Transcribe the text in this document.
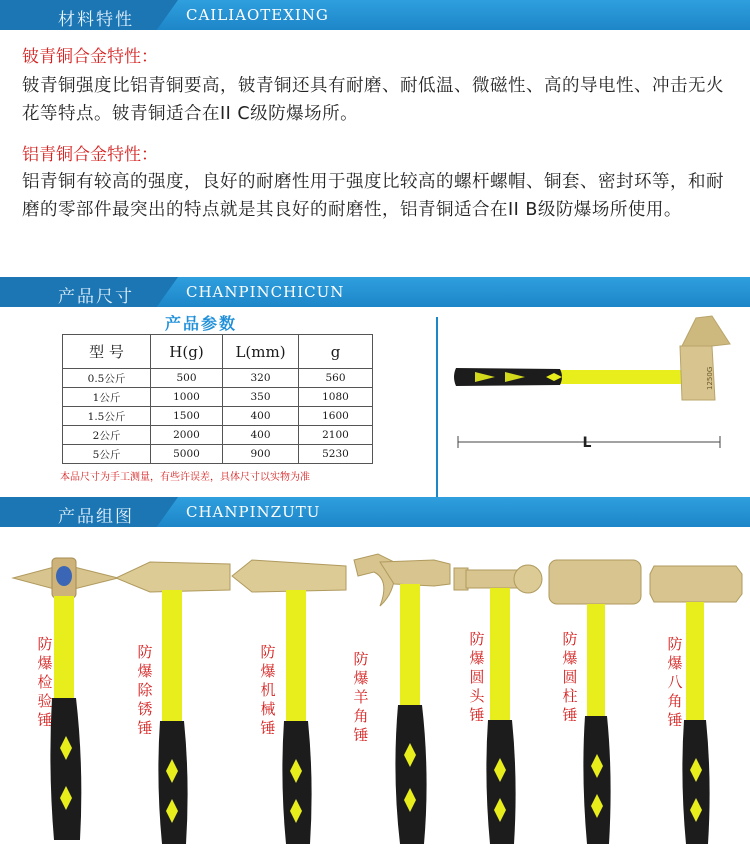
材料特性	CAILIAOTEXING
铍青铜合金特性：
铍青铜强度比铝青铜要高，铍青铜还具有耐磨、耐低温、微磁性、高的导电性、冲击无火花等特点。铍青铜适合在II C级防爆场所。
铝青铜合金特性：
铝青铜有较高的强度，良好的耐磨性用于强度比较高的螺杆螺帽、铜套、密封环等，和耐磨的零部件最突出的特点就是其良好的耐磨性，铝青铜适合在II B级防爆场所使用。
产品尺寸	CHANPINCHICUN
产品参数
型 号	H(g)	L(mm)	g
0.5公斤	500	320	560
1公斤	1000	350	1080
1.5公斤	1500	400	1600
2公斤	2000	400	2100
5公斤	5000	900	5230
本品尺寸为手工测量，有些许误差，具体尺寸以实物为准
1250G
L
产品组图	CHANPINZUTU
防爆检验锤
防爆除锈锤
防爆机械锤
防爆羊角锤
防爆圆头锤
防爆圆柱锤
防爆八角锤
